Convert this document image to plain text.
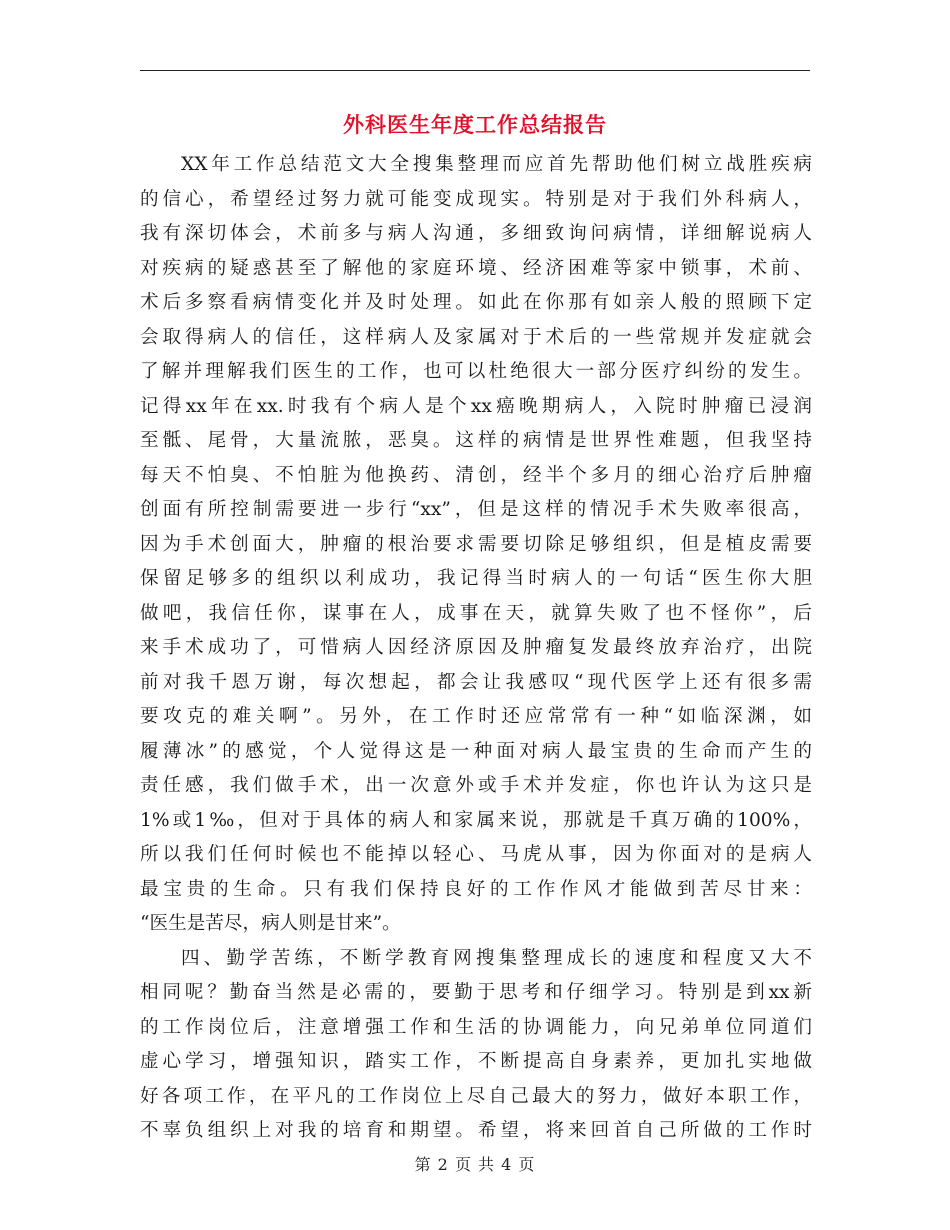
外科医生年度工作总结报告
XX年工作总结范文大全搜集整理而应首先帮助他们树立战胜疾病
的信心，希望经过努力就可能变成现实。特别是对于我们外科病人，
我有深切体会，术前多与病人沟通，多细致询问病情，详细解说病人
对疾病的疑惑甚至了解他的家庭环境、经济困难等家中锁事，术前、
术后多察看病情变化并及时处理。如此在你那有如亲人般的照顾下定
会取得病人的信任，这样病人及家属对于术后的一些常规并发症就会
了解并理解我们医生的工作，也可以杜绝很大一部分医疗纠纷的发生。
记得xx年在xx.时我有个病人是个xx癌晚期病人，入院时肿瘤已浸润
至骶、尾骨，大量流脓，恶臭。这样的病情是世界性难题，但我坚持
每天不怕臭、不怕脏为他换药、清创，经半个多月的细心治疗后肿瘤
创面有所控制需要进一步行“xx”，但是这样的情况手术失败率很高，
因为手术创面大，肿瘤的根治要求需要切除足够组织，但是植皮需要
保留足够多的组织以利成功，我记得当时病人的一句话“医生你大胆
做吧，我信任你，谋事在人，成事在天，就算失败了也不怪你”，后
来手术成功了，可惜病人因经济原因及肿瘤复发最终放弃治疗，出院
前对我千恩万谢，每次想起，都会让我感叹“现代医学上还有很多需
要攻克的难关啊”。另外，在工作时还应常常有一种“如临深渊，如
履薄冰”的感觉，个人觉得这是一种面对病人最宝贵的生命而产生的
责任感，我们做手术，出一次意外或手术并发症，你也许认为这只是
1%或1‰，但对于具体的病人和家属来说，那就是千真万确的100%，
所以我们任何时候也不能掉以轻心、马虎从事，因为你面对的是病人
最宝贵的生命。只有我们保持良好的工作作风才能做到苦尽甘来：
“医生是苦尽，病人则是甘来”。
四、勤学苦练，不断学教育网搜集整理成长的速度和程度又大不
相同呢？勤奋当然是必需的，要勤于思考和仔细学习。特别是到xx新
的工作岗位后，注意增强工作和生活的协调能力，向兄弟单位同道们
虚心学习，增强知识，踏实工作，不断提高自身素养，更加扎实地做
好各项工作，在平凡的工作岗位上尽自己最大的努力，做好本职工作，
不辜负组织上对我的培育和期望。希望，将来回首自己所做的工作时
第 2 页 共 4 页
